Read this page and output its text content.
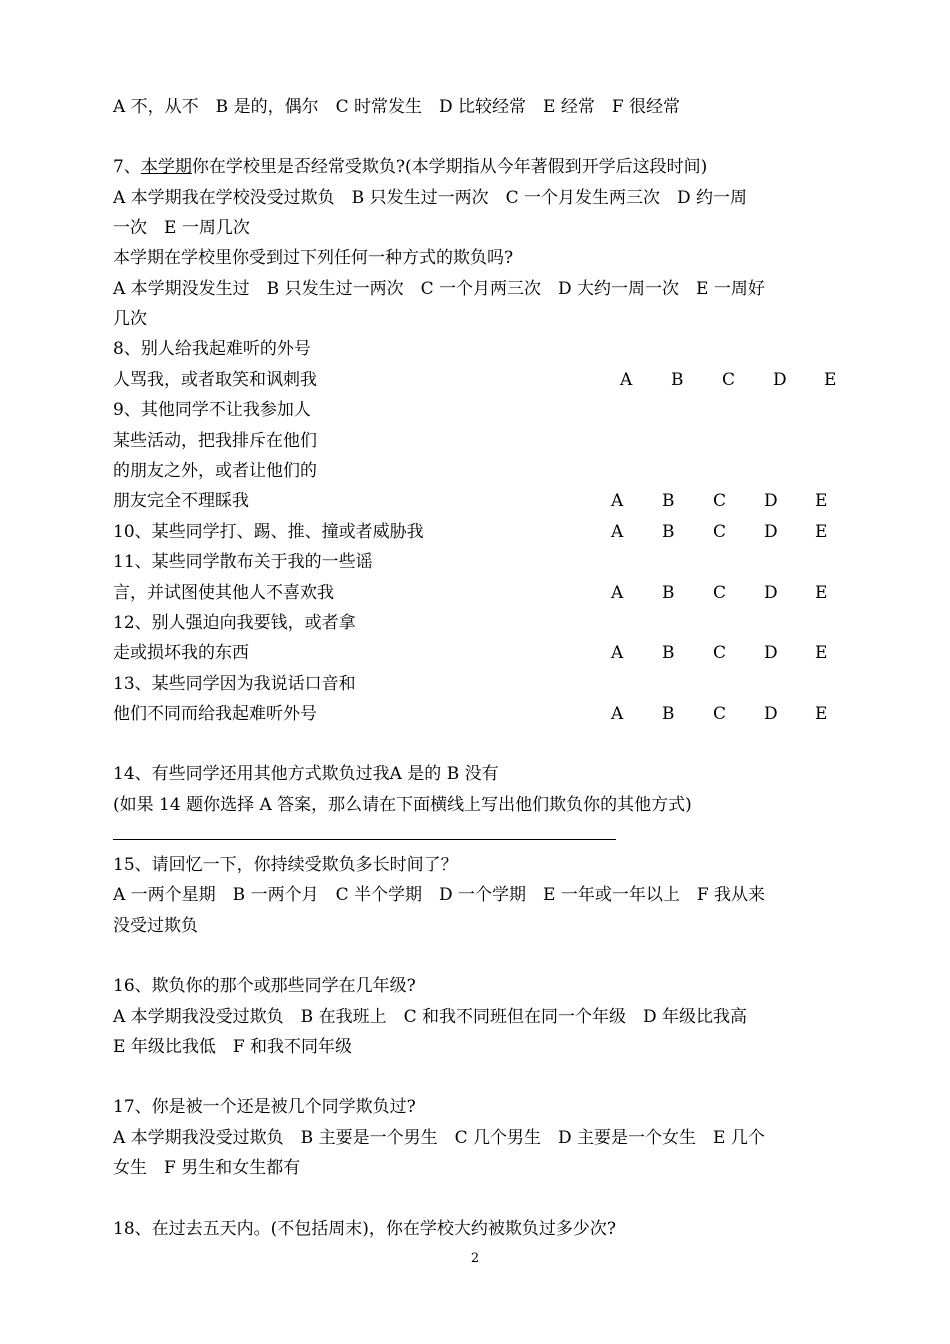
A 不，从不　B 是的，偶尔　C 时常发生　D 比较经常　E 经常　F 很经常
7、本学期你在学校里是否经常受欺负?(本学期指从今年著假到开学后这段时间)
A 本学期我在学校没受过欺负　B 只发生过一两次　C 一个月发生两三次　D 约一周
一次　E 一周几次
本学期在学校里你受到过下列任何一种方式的欺负吗?
A 本学期没发生过　B 只发生过一两次　C 一个月两三次　D 大约一周一次　E 一周好
几次
8、别人给我起难听的外号
人骂我，或者取笑和讽刺我	A B C D E
9、其他同学不让我参加人
某些活动，把我排斥在他们
的朋友之外，或者让他们的
朋友完全不理睬我	A B C D E
10、某些同学打、踢、推、撞或者威胁我	A B C D E
11、某些同学散布关于我的一些谣
言，并试图使其他人不喜欢我	A B C D E
12、别人强迫向我要钱，或者拿
走或损坏我的东西	A B C D E
13、某些同学因为我说话口音和
他们不同而给我起难听外号	A B C D E
14、有些同学还用其他方式欺负过我A 是的 B 没有
(如果 14 题你选择 A 答案，那么请在下面横线上写出他们欺负你的其他方式)
15、请回忆一下，你持续受欺负多长时间了？
A 一两个星期　B 一两个月　C 半个学期　D 一个学期　E 一年或一年以上　F 我从来
没受过欺负
16、欺负你的那个或那些同学在几年级?
A 本学期我没受过欺负　B 在我班上　C 和我不同班但在同一个年级　D 年级比我高
E 年级比我低　F 和我不同年级
17、你是被一个还是被几个同学欺负过?
A 本学期我没受过欺负　B 主要是一个男生　C 几个男生　D 主要是一个女生　E 几个
女生　F 男生和女生都有
18、在过去五天内。(不包括周末)，你在学校大约被欺负过多少次?
2
